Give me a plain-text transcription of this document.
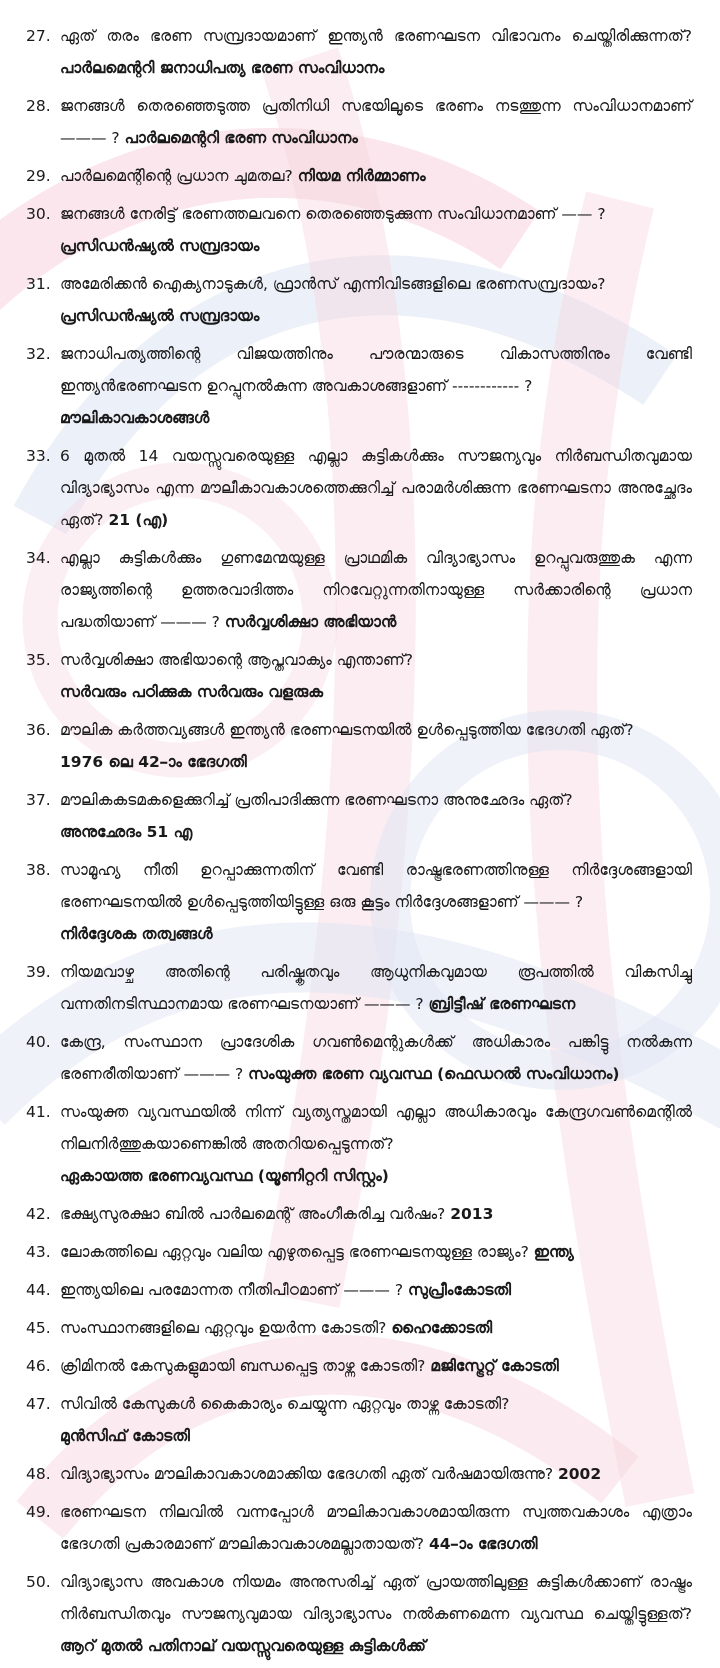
27. ഏത് തരം ഭരണ സമ്പ്രദായമാണ് ഇന്ത്യൻ ഭരണഘടന വിഭാവനം ചെയ്തിരിക്കുന്നത്? പാർലമെന്ററി ജനാധിപത്യ ഭരണ സംവിധാനം
28. ജനങ്ങൾ തെരഞ്ഞെടുത്ത പ്രതിനിധി സഭയിലൂടെ ഭരണം നടത്തുന്ന സംവിധാനമാണ് ——— ? പാർലമെന്ററി ഭരണ സംവിധാനം
29. പാർലമെന്റിന്റെ പ്രധാന ചുമതല? നിയമ നിർമ്മാണം
30. ജനങ്ങൾ നേരിട്ട് ഭരണത്തലവനെ തെരഞ്ഞെടുക്കുന്ന സംവിധാനമാണ് —— ?
പ്രസിഡൻഷ്യൽ സമ്പ്രദായം
31. അമേരിക്കൻ ഐക്യനാടുകൾ, ഫ്രാൻസ് എന്നിവിടങ്ങളിലെ ഭരണസമ്പ്രദായം?
പ്രസിഡൻഷ്യൽ സമ്പ്രദായം
32. ജനാധിപത്യത്തിന്റെ വിജയത്തിനും പൗരന്മാരുടെ വികാസത്തിനും വേണ്ടി ഇന്ത്യൻഭരണഘടന ഉറപ്പുനൽകുന്ന അവകാശങ്ങളാണ് ------------ ?
മൗലികാവകാശങ്ങൾ
33. 6 മുതൽ 14 വയസ്സുവരെയുള്ള എല്ലാ കുട്ടികൾക്കും സൗജന്യവും നിർബന്ധിതവുമായ വിദ്യാഭ്യാസം എന്ന മൗലീകാവകാശത്തെക്കുറിച്ച് പരാമർശിക്കുന്ന ഭരണഘടനാ അനുച്ഛേദം ഏത്? 21 (എ)
34. എല്ലാ കുട്ടികൾക്കും ഗുണമേന്മയുള്ള പ്രാഥമിക വിദ്യാഭ്യാസം ഉറപ്പുവരുത്തുക എന്ന രാജ്യത്തിന്റെ ഉത്തരവാദിത്തം നിറവേറ്റുന്നതിനായുള്ള സർക്കാരിന്റെ പ്രധാന പദ്ധതിയാണ് ——— ? സർവ്വശിക്ഷാ അഭിയാൻ
35. സർവ്വശിക്ഷാ അഭിയാന്റെ ആപ്തവാക്യം എന്താണ്?
സർവരും പഠിക്കുക സർവരും വളരുക
36. മൗലിക കർത്തവ്യങ്ങൾ ഇന്ത്യൻ ഭരണഘടനയിൽ ഉൾപ്പെടുത്തിയ ഭേദഗതി ഏത്?
1976 ലെ 42–ാം ഭേദഗതി
37. മൗലികകടമകളെക്കുറിച്ച് പ്രതിപാദിക്കുന്ന ഭരണഘടനാ അനുഛേദം ഏത്?
അനുഛേദം 51 എ
38. സാമൂഹ്യ നീതി ഉറപ്പാക്കുന്നതിന് വേണ്ടി രാഷ്ട്രഭരണത്തിനുള്ള നിർദ്ദേശങ്ങളായി ഭരണഘടനയിൽ ഉൾപ്പെടുത്തിയിട്ടുള്ള ഒരു കൂട്ടം നിർദ്ദേശങ്ങളാണ് ——— ?
നിർദ്ദേശക തത്വങ്ങൾ
39. നിയമവാഴ്ച അതിന്റെ പരിഷ്കൃതവും ആധുനികവുമായ രൂപത്തിൽ വികസിച്ചു വന്നതിനടിസ്ഥാനമായ ഭരണഘടനയാണ് ——— ? ബ്രിട്ടീഷ് ഭരണഘടന
40. കേന്ദ്ര, സംസ്ഥാന പ്രാദേശിക ഗവൺമെന്റുകൾക്ക് അധികാരം പങ്കിട്ടു നൽകുന്ന ഭരണരീതിയാണ് ——— ? സംയുക്ത ഭരണ വ്യവസ്ഥ (ഫെഡറൽ സംവിധാനം)
41. സംയുക്ത വ്യവസ്ഥയിൽ നിന്ന് വ്യത്യസ്തമായി എല്ലാ അധികാരവും കേന്ദ്രഗവൺമെന്റിൽ നിലനിർത്തുകയാണെങ്കിൽ അതറിയപ്പെടുന്നത്?
ഏകായത്ത ഭരണവ്യവസ്ഥ (യൂണിറ്ററി സിസ്റ്റം)
42. ഭക്ഷ്യസുരക്ഷാ ബിൽ പാർലമെന്റ് അംഗീകരിച്ച വർഷം? 2013
43. ലോകത്തിലെ ഏറ്റവും വലിയ എഴുതപ്പെട്ട ഭരണഘടനയുള്ള രാജ്യം? ഇന്ത്യ
44. ഇന്ത്യയിലെ പരമോന്നത നീതിപീഠമാണ് ——— ? സുപ്രീംകോടതി
45. സംസ്ഥാനങ്ങളിലെ ഏറ്റവും ഉയർന്ന കോടതി? ഹൈക്കോടതി
46. ക്രിമിനൽ കേസുകളുമായി ബന്ധപ്പെട്ട താഴ്ന്ന കോടതി? മജിസ്ട്രേറ്റ് കോടതി
47. സിവിൽ കേസുകൾ കൈകാര്യം ചെയ്യുന്ന ഏറ്റവും താഴ്ന്ന കോടതി?
മുൻസിഫ് കോടതി
48. വിദ്യാഭ്യാസം മൗലികാവകാശമാക്കിയ ഭേദഗതി ഏത് വർഷമായിരുന്നു? 2002
49. ഭരണഘടന നിലവിൽ വന്നപ്പോൾ മൗലികാവകാശമായിരുന്ന സ്വത്തവകാശം എത്രാം ഭേദഗതി പ്രകാരമാണ് മൗലികാവകാശമല്ലാതായത്? 44–ാം ഭേദഗതി
50. വിദ്യാഭ്യാസ അവകാശ നിയമം അനുസരിച്ച് ഏത് പ്രായത്തിലുള്ള കുട്ടികൾക്കാണ് രാഷ്ട്രം നിർബന്ധിതവും സൗജന്യവുമായ വിദ്യാഭ്യാസം നൽകണമെന്ന വ്യവസ്ഥ ചെയ്തിട്ടുള്ളത്? ആറ് മുതൽ പതിനാല് വയസ്സുവരെയുള്ള കുട്ടികൾക്ക്
